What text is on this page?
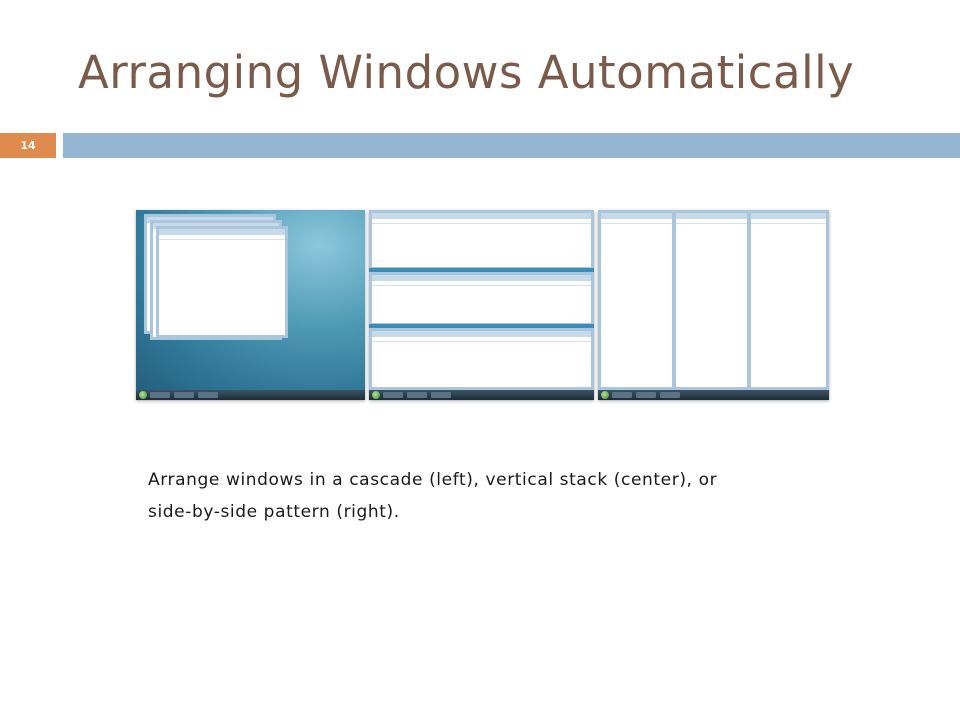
Arranging Windows Automatically
14
Arrange windows in a cascade (left), vertical stack (center), or
side-by-side pattern (right).
